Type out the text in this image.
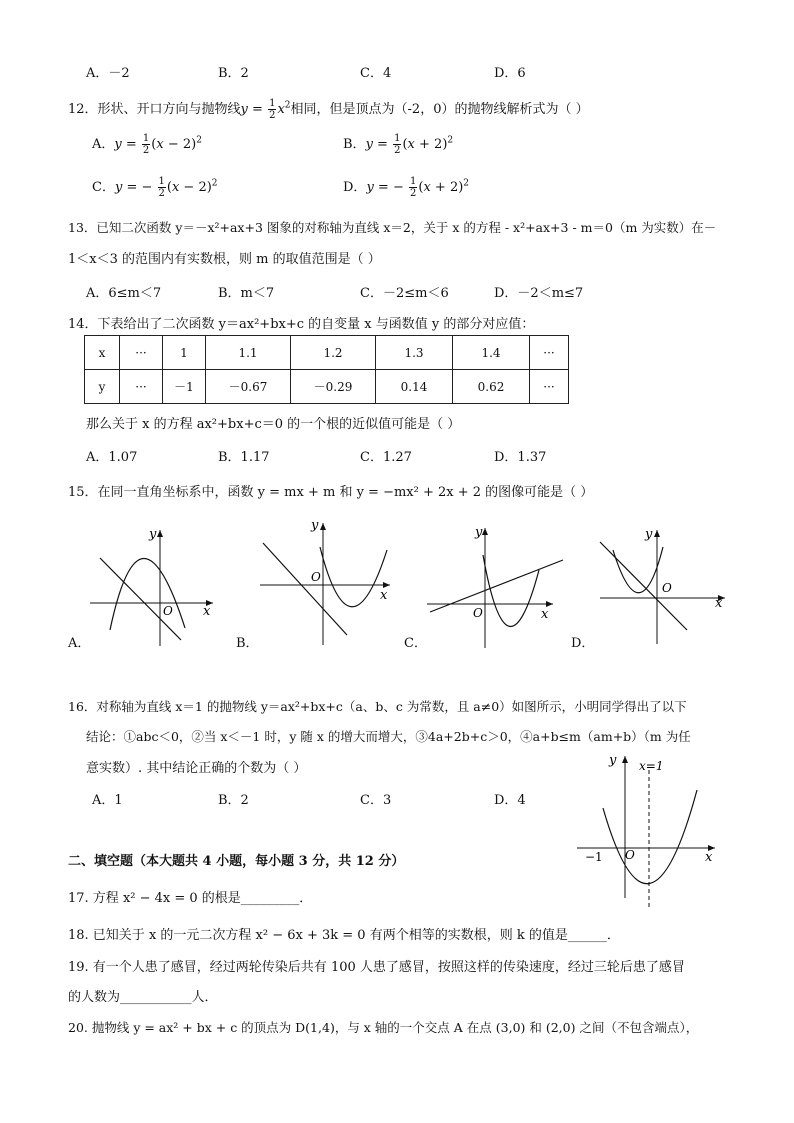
A．－2	B．2	C．4	D．6
12．形状、开口方向与抛物线$y = \frac{1}{2} x^2$相同，但是顶点为（-2，0）的抛物线解析式为（ ）
A．$y = \frac{1}{2} (x - 2)^2$	B．$y = \frac{1}{2} (x + 2)^2$
C．y = − $\frac{1}{2} (x - 2)^2$	D．y = − $\frac{1}{2} (x + 2)^2$
13．已知二次函数 y＝－x²+ax+3 图象的对称轴为直线 x＝2，关于 x 的方程 - x²+ax+3 - m＝0（m 为实数）在－
1＜x＜3 的范围内有实数根，则 m 的取值范围是（ ）
A．6≤m＜7	B．m＜7	C．－2≤m＜6	D．－2＜m≤7
14．下表给出了二次函数 y＝ax²+bx+c 的自变量 x 与函数值 y 的部分对应值：
x	···	1	1.1	1.2	1.3	1.4	···
y	···	－1	－0.67	－0.29	0.14	0.62	···
那么关于 x 的方程 ax²+bx+c＝0 的一个根的近似值可能是（ ）
A．1.07	B．1.17	C．1.27	D．1.37
15．在同一直角坐标系中，函数 y = mx + m 和 y = −mx² + 2x + 2 的图像可能是（ ）
x
y
O
A．
x
y
O
B．
x
y
O
C．
x
y
O
D．
16．对称轴为直线 x＝1 的抛物线 y＝ax²+bx+c（a、b、c 为常数，且 a≠0）如图所示，小明同学得出了以下
结论：①abc＜0，②当 x＜－1 时，y 随 x 的增大而增大，③4a+2b+c＞0，④a+b≤m（am+b）（m 为任
意实数）. 其中结论正确的个数为（ ）
A．1	B．2	C．3	D．4
x=1
−1 O	x
y
二、填空题（本大题共 4 小题，每小题 3 分，共 12 分）
17. 方程 x² − 4x = 0 的根是_________．
18. 已知关于 x 的一元二次方程 x² − 6x + 3k = 0 有两个相等的实数根，则 k 的值是______．
19. 有一个人患了感冒，经过两轮传染后共有 100 人患了感冒，按照这样的传染速度，经过三轮后患了感冒
的人数为___________人．
20. 抛物线 y = ax² + bx + c 的顶点为 D(1,4)，与 x 轴的一个交点 A 在点 (3,0) 和 (2,0) 之间（不包含端点），
